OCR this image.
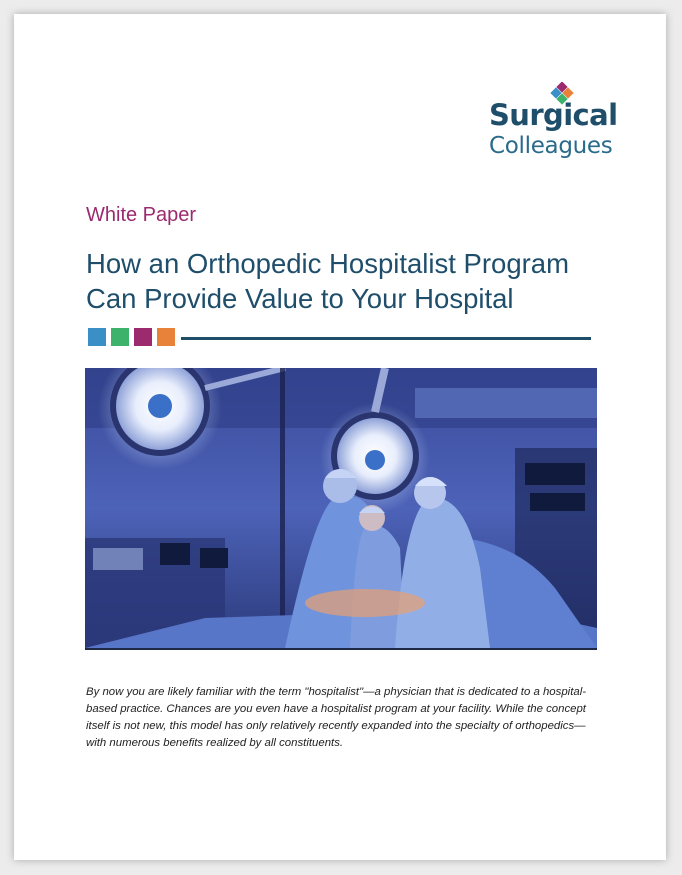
Surgical
Colleagues
White Paper
How an Orthopedic Hospitalist Program
Can Provide Value to Your Hospital

By now you are likely familiar with the term "hospitalist"—a physician that is dedicated to a hospital-based practice. Chances are you even have a hospitalist program at your facility. While the concept itself is not new, this model has only relatively recently expanded into the specialty of orthopedics—with numerous benefits realized by all constituents.
